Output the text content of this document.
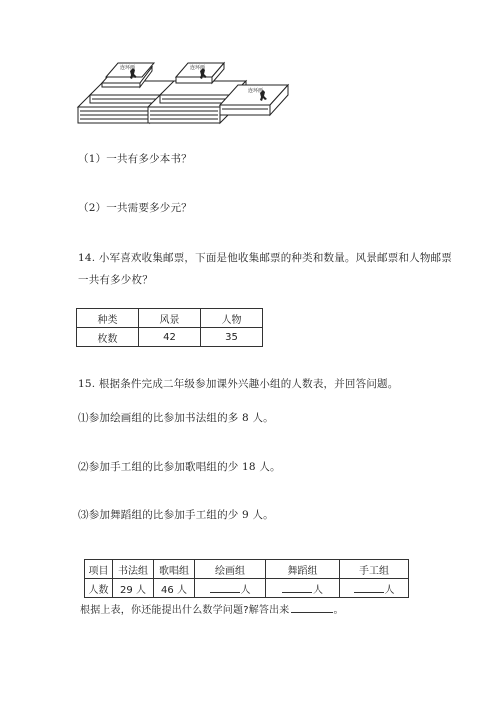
连环画	连环画
连环画
（1）一共有多少本书？
（2）一共需要多少元？
14. 小军喜欢收集邮票，下面是他收集邮票的种类和数量。风景邮票和人物邮票
一共有多少枚？
种类	风景	人物
枚数	42	35
15. 根据条件完成二年级参加课外兴趣小组的人数表，并回答问题。
⑴参加绘画组的比参加书法组的多 8 人。
⑵参加手工组的比参加歌唱组的少 18 人。
⑶参加舞蹈组的比参加手工组的少 9 人。
项目	书法组	歌唱组	绘画组	舞蹈组	手工组
人数	29 人	46 人	人	人	人
根据上表，你还能提出什么数学问题?解答出来	。
